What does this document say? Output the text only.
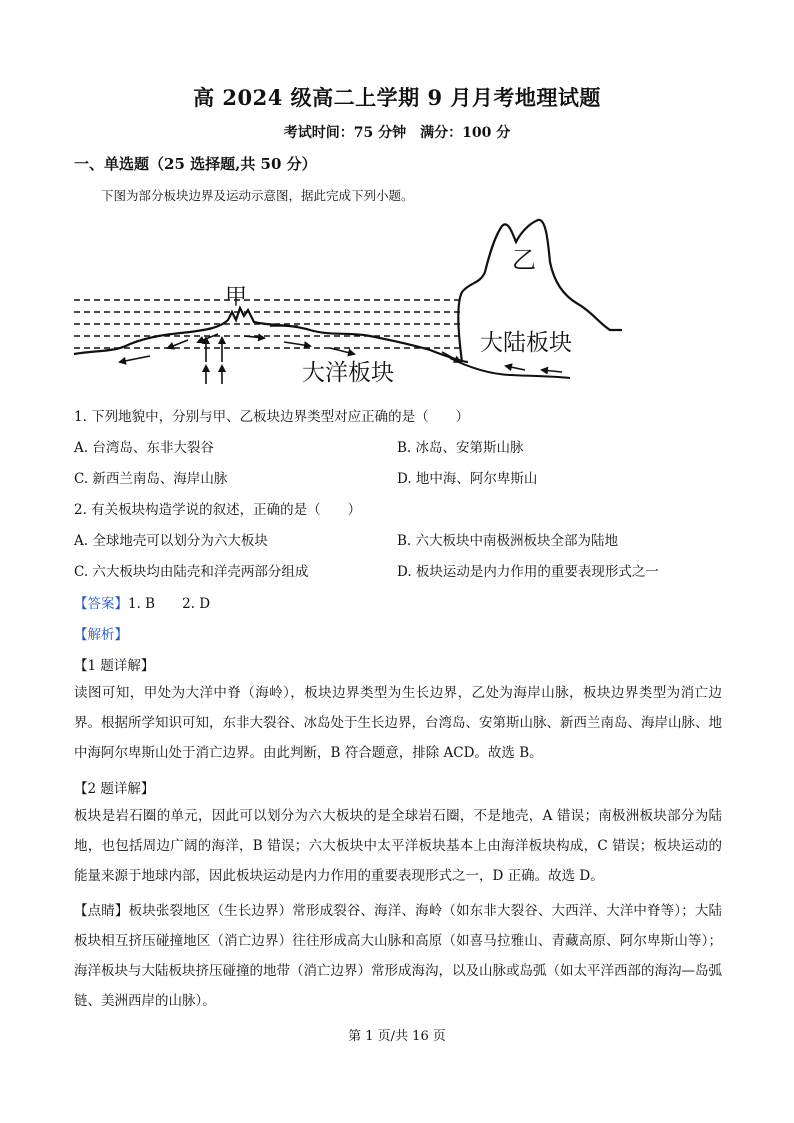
高 2024 级高二上学期 9 月月考地理试题
考试时间：75 分钟　满分：100 分
一、单选题（25 选择题,共 50 分）
下图为部分板块边界及运动示意图，据此完成下列小题。
甲
乙
大陆板块
大洋板块
1. 下列地貌中，分别与甲、乙板块边界类型对应正确的是（　　）
A. 台湾岛、东非大裂谷	B. 冰岛、安第斯山脉
C. 新西兰南岛、海岸山脉	D. 地中海、阿尔卑斯山
2. 有关板块构造学说的叙述，正确的是（　　）
A. 全球地壳可以划分为六大板块	B. 六大板块中南极洲板块全部为陆地
C. 六大板块均由陆壳和洋壳两部分组成	D. 板块运动是内力作用的重要表现形式之一
【答案】1. B　　2. D
【解析】
【1 题详解】
读图可知，甲处为大洋中脊（海岭），板块边界类型为生长边界，乙处为海岸山脉，板块边界类型为消亡边界。根据所学知识可知，东非大裂谷、冰岛处于生长边界，台湾岛、安第斯山脉、新西兰南岛、海岸山脉、地中海阿尔卑斯山处于消亡边界。由此判断，B 符合题意，排除 ACD。故选 B。
【2 题详解】
板块是岩石圈的单元，因此可以划分为六大板块的是全球岩石圈，不是地壳，A 错误；南极洲板块部分为陆地，也包括周边广阔的海洋，B 错误；六大板块中太平洋板块基本上由海洋板块构成，C 错误；板块运动的能量来源于地球内部，因此板块运动是内力作用的重要表现形式之一，D 正确。故选 D。
【点睛】板块张裂地区（生长边界）常形成裂谷、海洋、海岭（如东非大裂谷、大西洋、大洋中脊等）；大陆板块相互挤压碰撞地区（消亡边界）往往形成高大山脉和高原（如喜马拉雅山、青藏高原、阿尔卑斯山等）；海洋板块与大陆板块挤压碰撞的地带（消亡边界）常形成海沟，以及山脉或岛弧（如太平洋西部的海沟—岛弧链、美洲西岸的山脉）。
第 1 页/共 16 页
